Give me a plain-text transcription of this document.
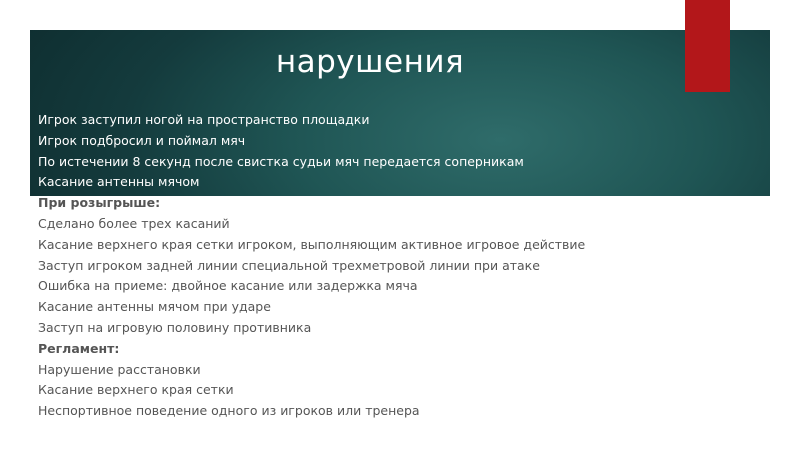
нарушения
Игрок заступил ногой на пространство площадки
Игрок подбросил и поймал мяч
По истечении 8 секунд после свистка судьи мяч передается соперникам
Касание антенны мячом
При розыгрыше:
Сделано более трех касаний
Касание верхнего края сетки игроком, выполняющим активное игровое действие
Заступ игроком задней линии специальной трехметровой линии при атаке
Ошибка на приеме: двойное касание или задержка мяча
Касание антенны мячом при ударе
Заступ на игровую половину противника
Регламент:
Нарушение расстановки
Касание верхнего края сетки
Неспортивное поведение одного из игроков или тренера
